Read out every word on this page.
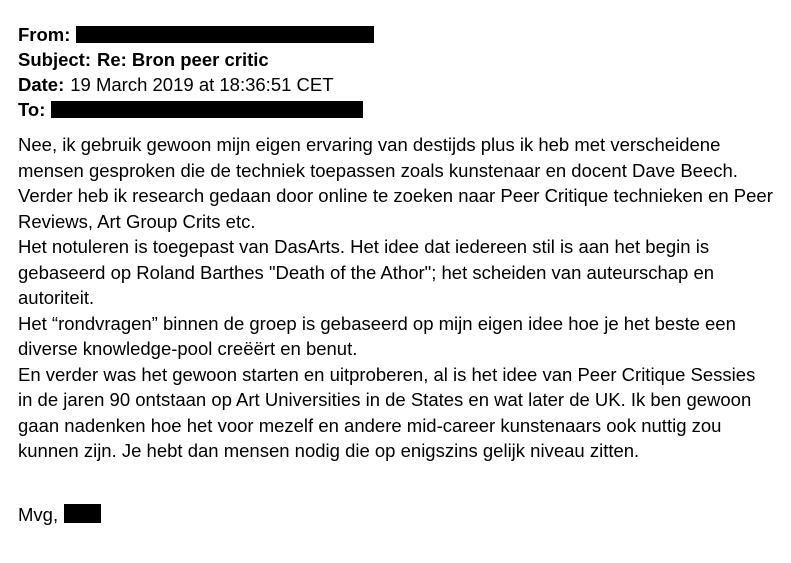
From:
Subject: Re: Bron peer critic
Date: 19 March 2019 at 18:36:51 CET
To:

Nee, ik gebruik gewoon mijn eigen ervaring van destijds plus ik heb met verscheidene mensen gesproken die de techniek toepassen zoals kunstenaar en docent Dave Beech. Verder heb ik research gedaan door online te zoeken naar Peer Critique technieken en Peer Reviews, Art Group Crits etc.

Het notuleren is toegepast van DasArts. Het idee dat iedereen stil is aan het begin is gebaseerd op Roland Barthes "Death of the Athor"; het scheiden van auteurschap en autoriteit.

Het “rondvragen” binnen de groep is gebaseerd op mijn eigen idee hoe je het beste een diverse knowledge-pool creëërt en benut.

En verder was het gewoon starten en uitproberen, al is het idee van Peer Critique Sessies in de jaren 90 ontstaan op Art Universities in de States en wat later de UK. Ik ben gewoon gaan nadenken hoe het voor mezelf en andere mid-career kunstenaars ook nuttig zou kunnen zijn. Je hebt dan mensen nodig die op enigszins gelijk niveau zitten.

Mvg,
